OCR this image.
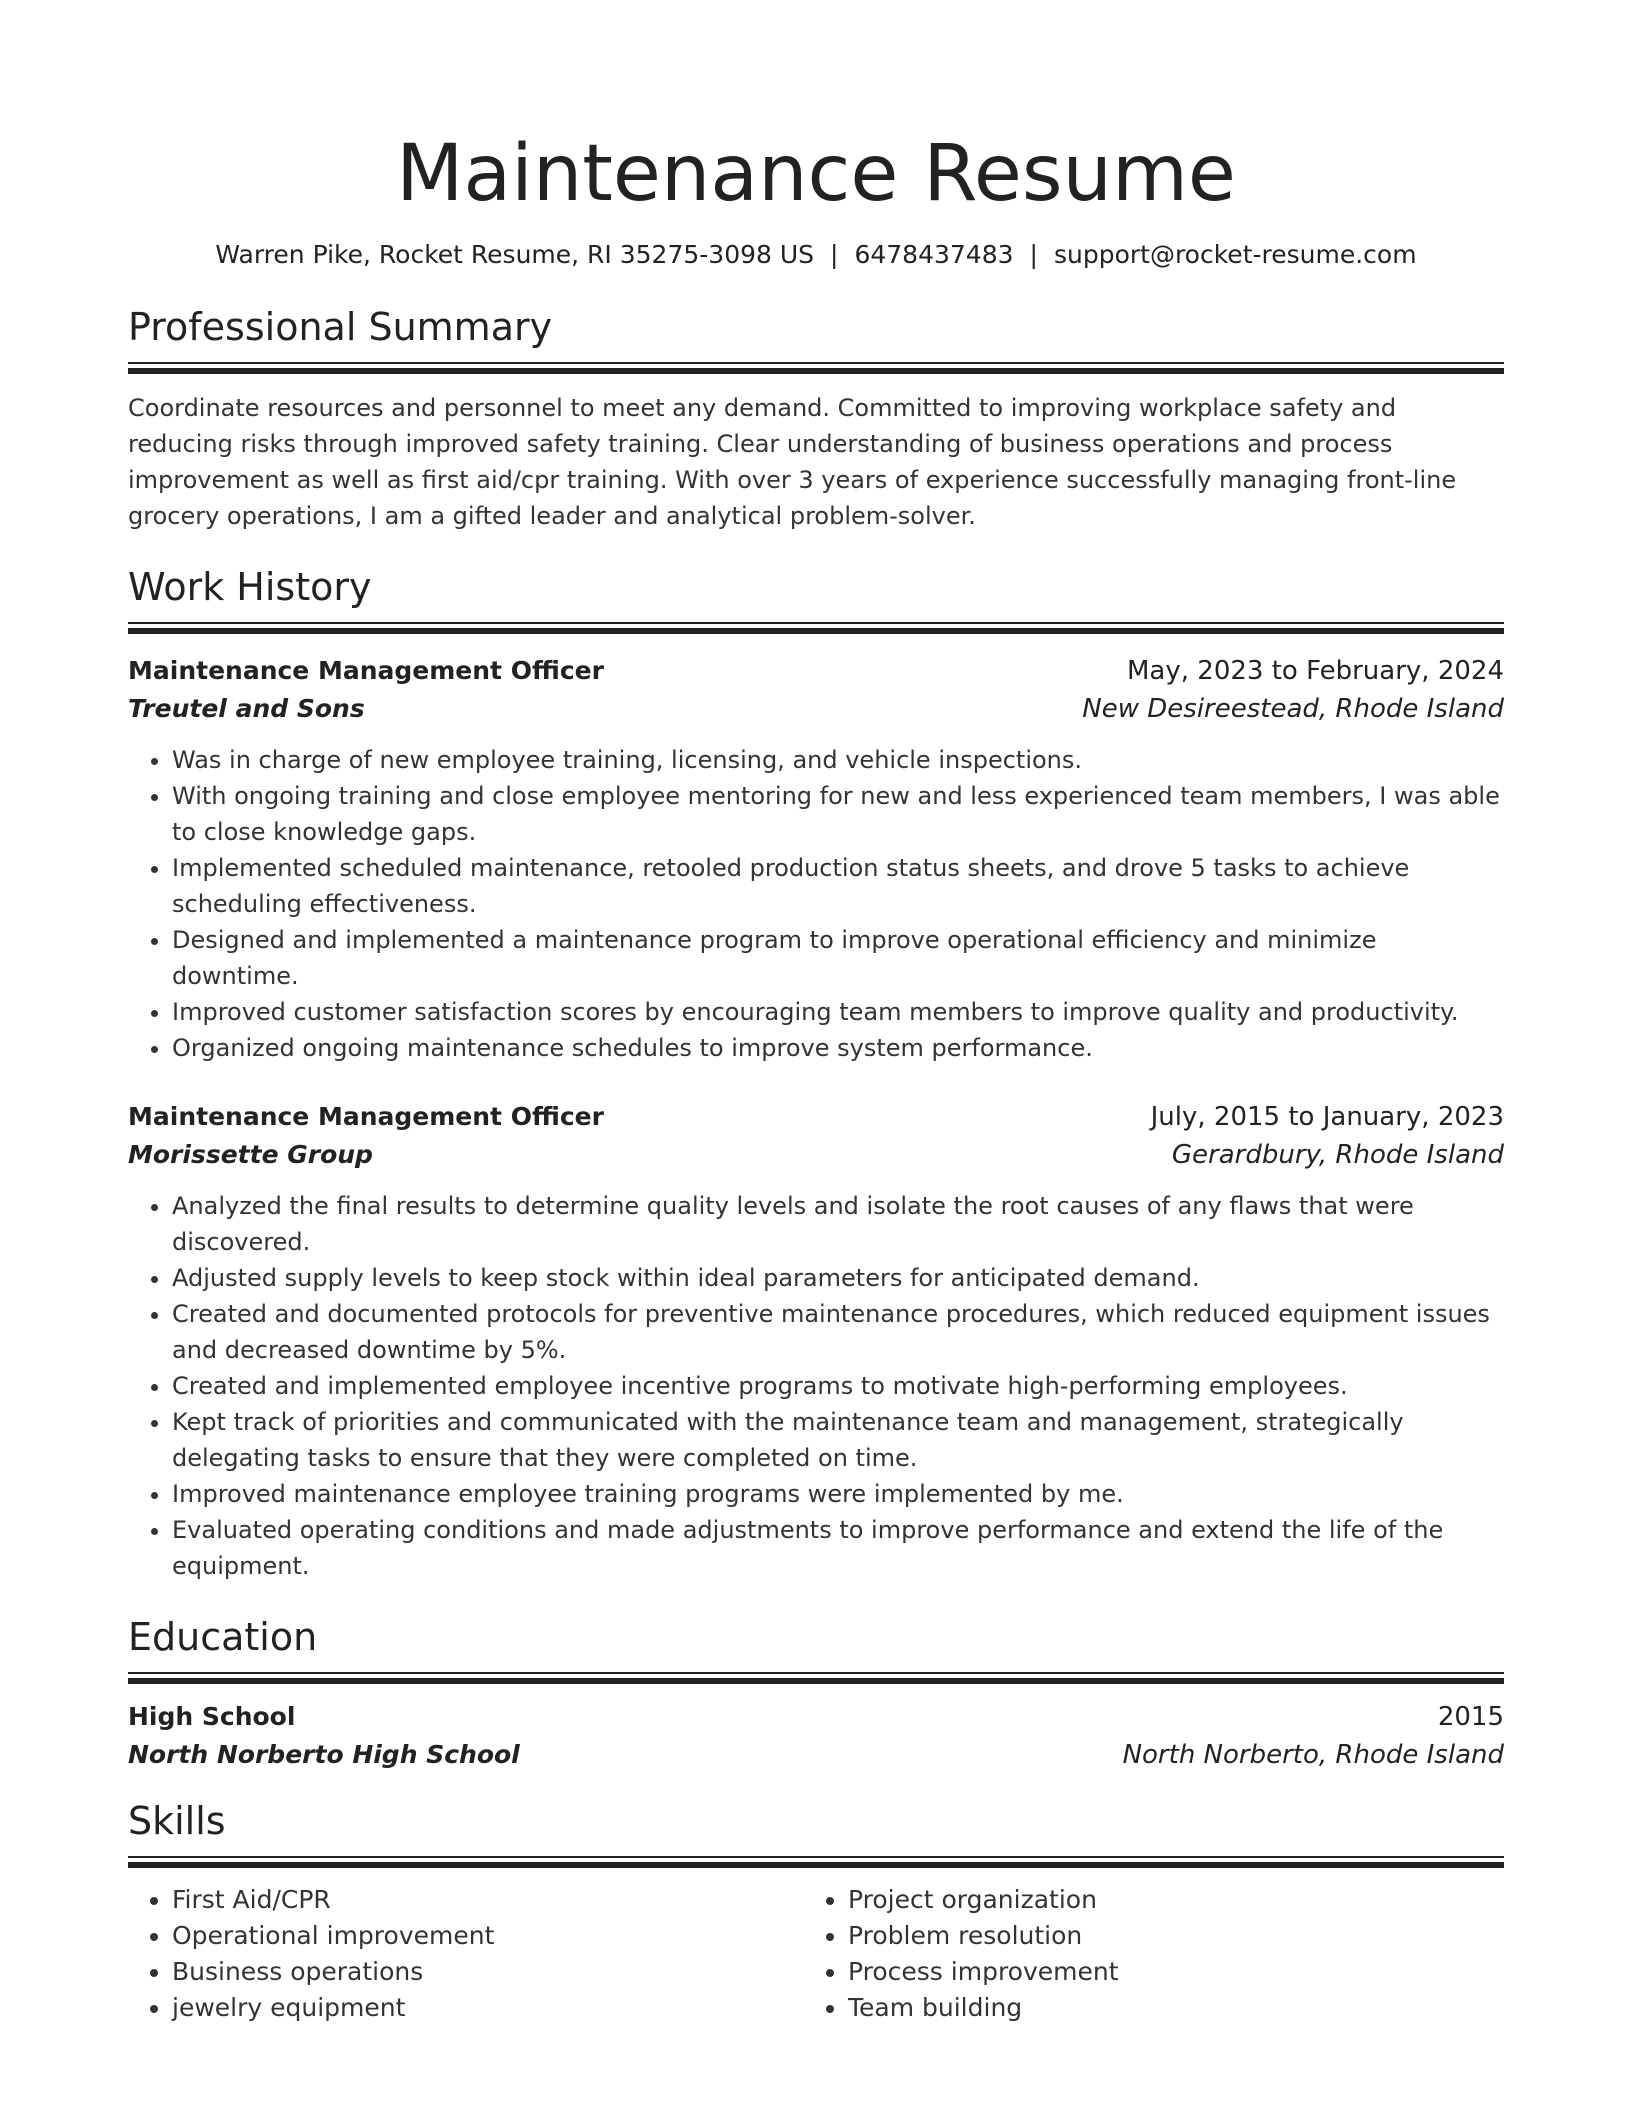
Maintenance Resume
Warren Pike, Rocket Resume, RI 35275-3098 US | 6478437483 | support@rocket-resume.com
Professional Summary

Coordinate resources and personnel to meet any demand. Committed to improving workplace safety and reducing risks through improved safety training. Clear understanding of business operations and process improvement as well as first aid/cpr training. With over 3 years of experience successfully managing front-line grocery operations, I am a gifted leader and analytical problem-solver.

Work History
Maintenance Management Officer	May, 2023 to February, 2024
Treutel and Sons	New Desireestead, Rhode Island
• Was in charge of new employee training, licensing, and vehicle inspections.
• With ongoing training and close employee mentoring for new and less experienced team members, I was able to close knowledge gaps.
• Implemented scheduled maintenance, retooled production status sheets, and drove 5 tasks to achieve scheduling effectiveness.
• Designed and implemented a maintenance program to improve operational efficiency and minimize downtime.
• Improved customer satisfaction scores by encouraging team members to improve quality and productivity.
• Organized ongoing maintenance schedules to improve system performance.
Maintenance Management Officer	July, 2015 to January, 2023
Morissette Group	Gerardbury, Rhode Island
• Analyzed the final results to determine quality levels and isolate the root causes of any flaws that were discovered.
• Adjusted supply levels to keep stock within ideal parameters for anticipated demand.
• Created and documented protocols for preventive maintenance procedures, which reduced equipment issues and decreased downtime by 5%.
• Created and implemented employee incentive programs to motivate high-performing employees.
• Kept track of priorities and communicated with the maintenance team and management, strategically delegating tasks to ensure that they were completed on time.
• Improved maintenance employee training programs were implemented by me.
• Evaluated operating conditions and made adjustments to improve performance and extend the life of the equipment.
Education
High School	2015
North Norberto High School	North Norberto, Rhode Island
Skills
• First Aid/CPR
• Operational improvement
• Business operations
• jewelry equipment
• Project organization
• Problem resolution
• Process improvement
• Team building
